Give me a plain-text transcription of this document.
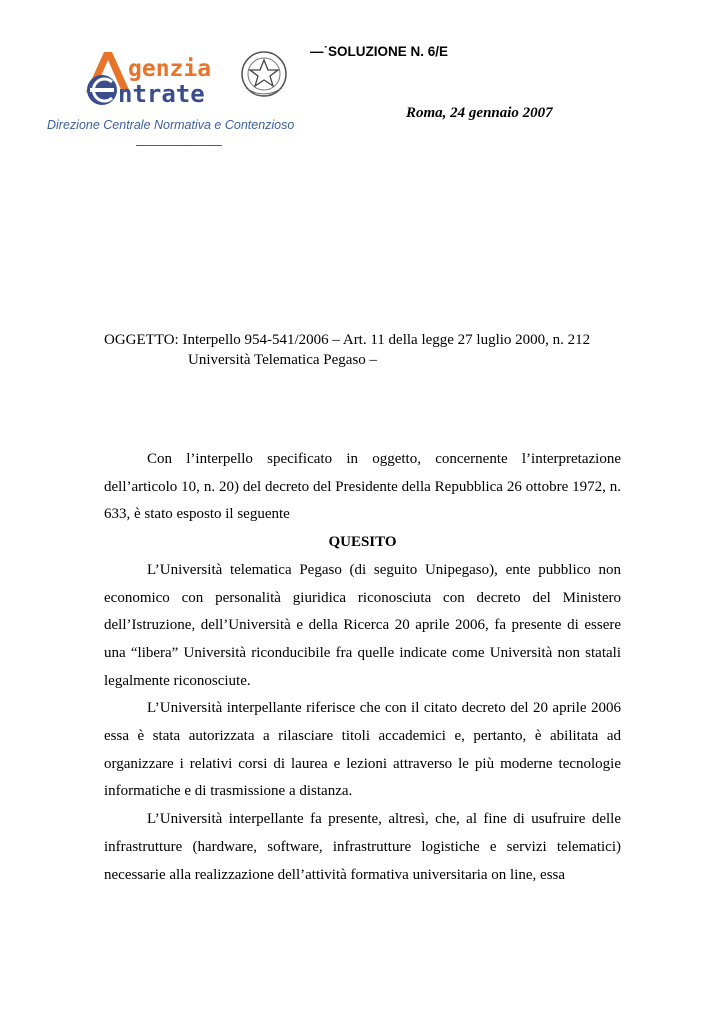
genzia
ntrate
Direzione Centrale Normativa e Contenzioso
—˙SOLUZIONE N. 6/E
Roma, 24 gennaio 2007
OGGETTO: Interpello 954-541/2006 – Art. 11 della legge 27 luglio 2000, n. 212
Università Telematica Pegaso –

Con l’interpello specificato in oggetto, concernente l’interpretazione dell’articolo 10, n. 20) del decreto del Presidente della Repubblica 26 ottobre 1972, n. 633, è stato esposto il seguente

QUESITO

L’Università telematica Pegaso (di seguito Unipegaso), ente pubblico non economico con personalità giuridica riconosciuta con decreto del Ministero dell’Istruzione, dell’Università e della Ricerca 20 aprile 2006, fa presente di essere una “libera” Università riconducibile fra quelle indicate come Università non statali legalmente riconosciute.

L’Università interpellante riferisce che con il citato decreto del 20 aprile 2006 essa è stata autorizzata a rilasciare titoli accademici e, pertanto, è abilitata ad organizzare i relativi corsi di laurea e lezioni attraverso le più moderne tecnologie informatiche e di trasmissione a distanza.

L’Università interpellante fa presente, altresì, che, al fine di usufruire delle infrastrutture (hardware, software, infrastrutture logistiche e servizi telematici) necessarie alla realizzazione dell’attività formativa universitaria on line, essa
